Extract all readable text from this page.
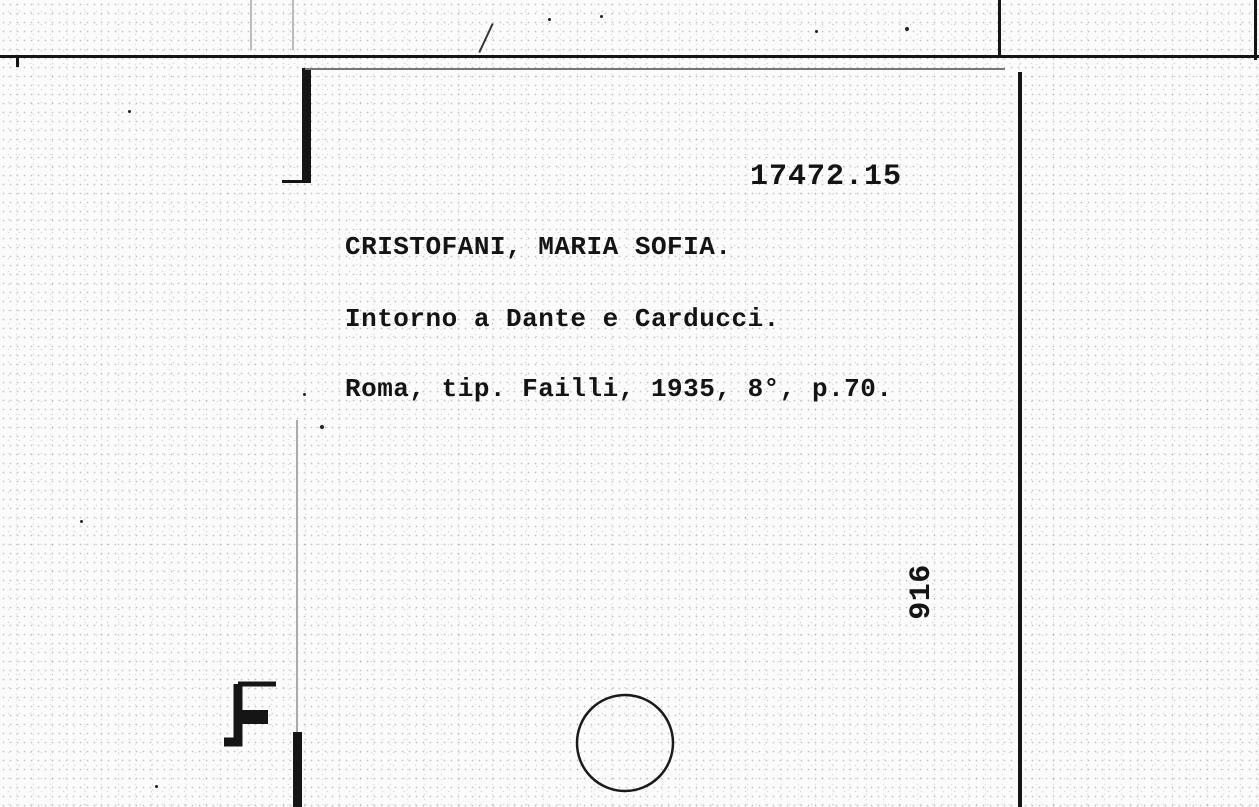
17472.15
CRISTOFANI, MARIA SOFIA.
Intorno a Dante e Carducci.
Roma, tip. Failli, 1935, 8°, p.70.
916
